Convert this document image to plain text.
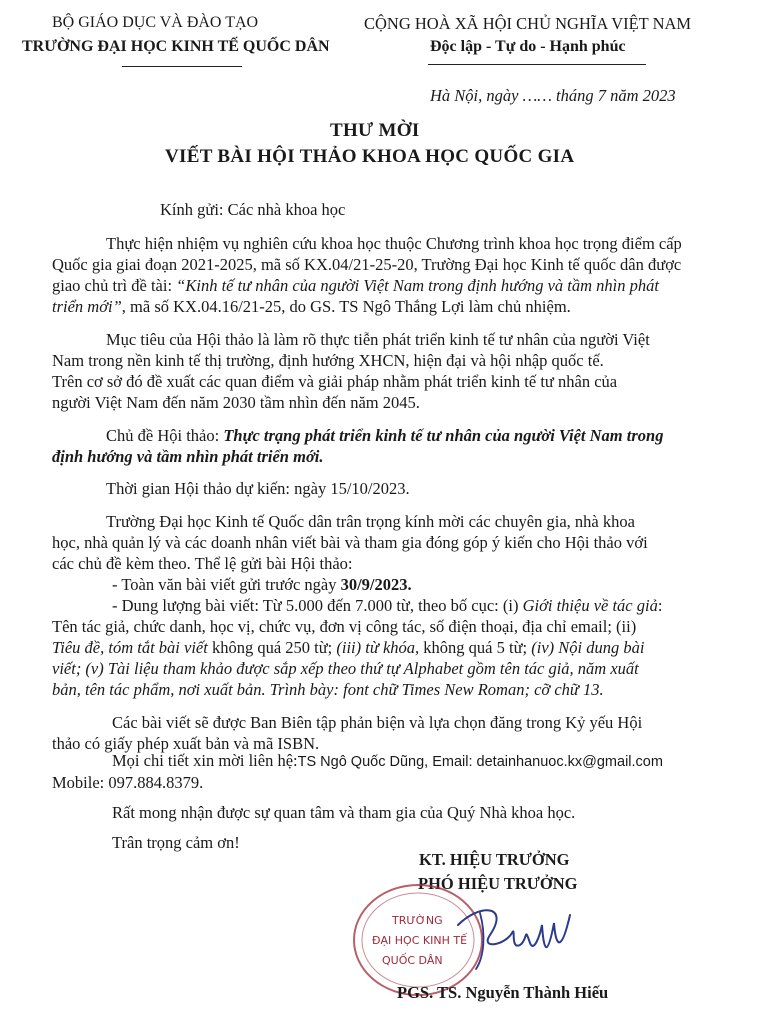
BỘ GIÁO DỤC VÀ ĐÀO TẠO
TRƯỜNG ĐẠI HỌC KINH TẾ QUỐC DÂN
CỘNG HOÀ XÃ HỘI CHỦ NGHĨA VIỆT NAM
Độc lập - Tự do - Hạnh phúc
Hà Nội, ngày …… tháng 7 năm 2023
THƯ MỜI
VIẾT BÀI HỘI THẢO KHOA HỌC QUỐC GIA
Kính gửi: Các nhà khoa học
Thực hiện nhiệm vụ nghiên cứu khoa học thuộc Chương trình khoa học trọng điểm cấp
Quốc gia giai đoạn 2021-2025, mã số KX.04/21-25-20, Trường Đại học Kinh tế quốc dân được
giao chủ trì đề tài: “Kinh tế tư nhân của người Việt Nam trong định hướng và tầm nhìn phát
triển mới”, mã số KX.04.16/21-25, do GS. TS Ngô Thắng Lợi làm chủ nhiệm.
Mục tiêu của Hội thảo là làm rõ thực tiễn phát triển kinh tế tư nhân của người Việt
Nam trong nền kinh tế thị trường, định hướng XHCN, hiện đại và hội nhập quốc tế.
Trên cơ sở đó đề xuất các quan điểm và giải pháp nhằm phát triển kinh tế tư nhân của
người Việt Nam đến năm 2030 tầm nhìn đến năm 2045.
Chủ đề Hội thảo: Thực trạng phát triển kinh tế tư nhân của người Việt Nam trong
định hướng và tầm nhìn phát triển mới.
Thời gian Hội thảo dự kiến: ngày 15/10/2023.
Trường Đại học Kinh tế Quốc dân trân trọng kính mời các chuyên gia, nhà khoa
học, nhà quản lý và các doanh nhân viết bài và tham gia đóng góp ý kiến cho Hội thảo với
các chủ đề kèm theo. Thể lệ gửi bài Hội thảo:
- Toàn văn bài viết gửi trước ngày 30/9/2023.
- Dung lượng bài viết: Từ 5.000 đến 7.000 từ, theo bố cục: (i) Giới thiệu về tác giả:
Tên tác giả, chức danh, học vị, chức vụ, đơn vị công tác, số điện thoại, địa chỉ email; (ii)
Tiêu đề, tóm tắt bài viết không quá 250 từ; (iii) từ khóa, không quá 5 từ; (iv) Nội dung bài
viết; (v) Tài liệu tham khảo được sắp xếp theo thứ tự Alphabet gồm tên tác giả, năm xuất
bản, tên tác phẩm, nơi xuất bản. Trình bày: font chữ Times New Roman; cỡ chữ 13.
Các bài viết sẽ được Ban Biên tập phản biện và lựa chọn đăng trong Kỷ yếu Hội
thảo có giấy phép xuất bản và mã ISBN.
Mọi chi tiết xin mời liên hệ:TS Ngô Quốc Dũng, Email: detainhanuoc.kx@gmail.com
Mobile: 097.884.8379.
Rất mong nhận được sự quan tâm và tham gia của Quý Nhà khoa học.
Trân trọng cảm ơn!
KT. HIỆU TRƯỞNG
PHÓ HIỆU TRƯỞNG
TRƯỜNG
ĐẠI HỌC KINH TẾ
QUỐC DÂN
PGS. TS. Nguyễn Thành Hiếu
